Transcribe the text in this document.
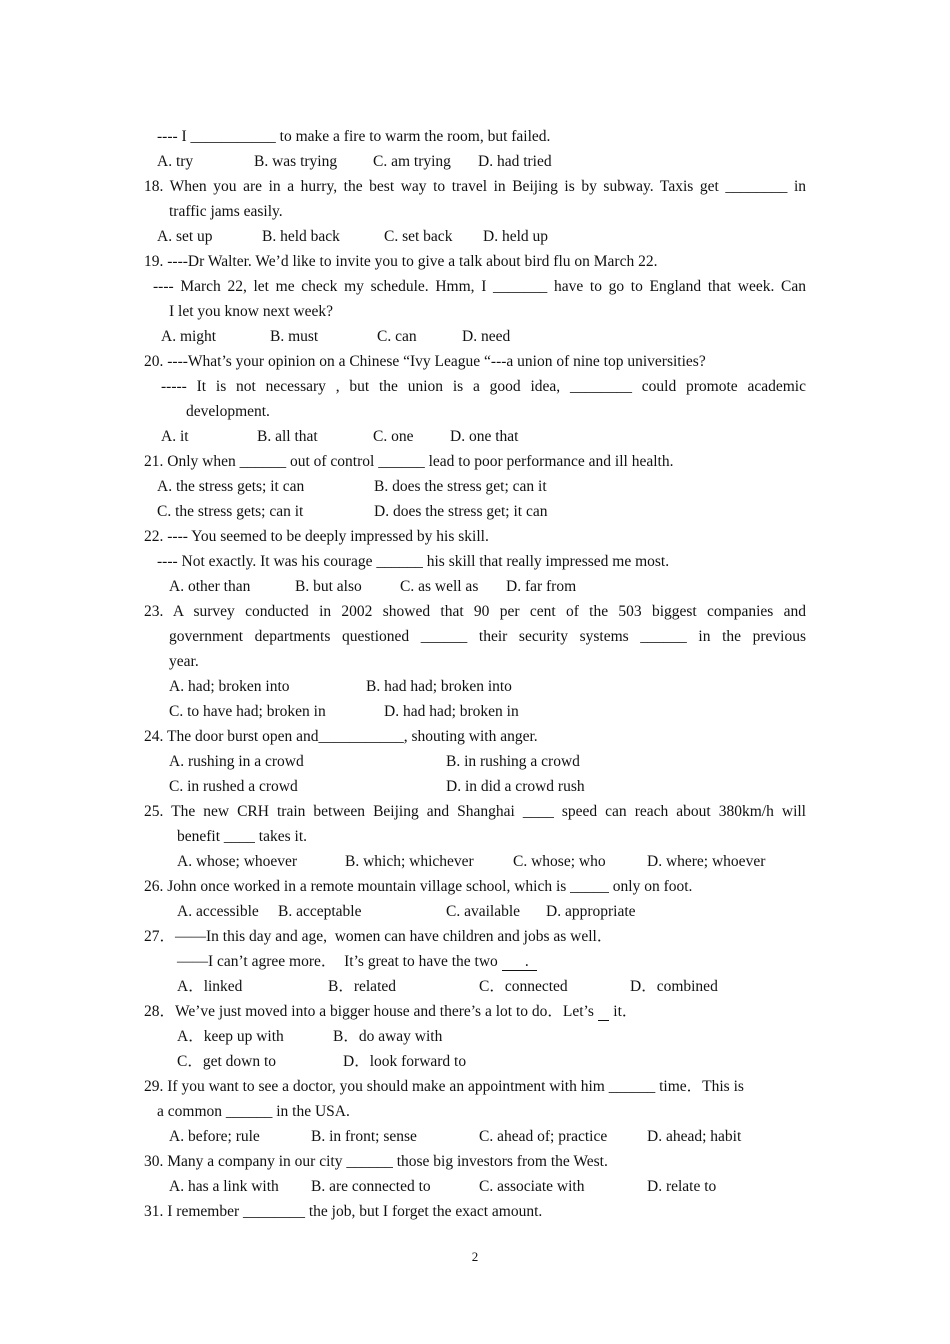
---- I ___________ to make a fire to warm the room, but failed.
A. try	B. was trying C. am trying D. had tried
18. When you are in a hurry, the best way to travel in Beijing is by subway. Taxis get ________ in
traffic jams easily.
A. set up	B. held back	C. set back D. held up
19. ----Dr Walter. We’d like to invite you to give a talk about bird flu on March 22.
---- March 22, let me check my schedule. Hmm, I _______ have to go to England that week. Can
I let you know next week?
A. might	B. must	C. can	D. need
20. ----What’s your opinion on a Chinese “Ivy League “---a union of nine top universities?
----- It is not necessary , but the union is a good idea, ________ could promote academic
development.
A. it	B. all that	C. one D. one that
21. Only when ______ out of control ______ lead to poor performance and ill health.
A. the stress gets; it can	B. does the stress get; can it
C. the stress gets; can it	D. does the stress get; it can
22. ---- You seemed to be deeply impressed by his skill.
---- Not exactly. It was his courage ______ his skill that really impressed me most.
A. other than	B. but also C. as well as D. far from
23. A survey conducted in 2002 showed that 90 per cent of the 503 biggest companies and
government departments questioned ______ their security systems ______ in the previous
year.
A. had; broken into	B. had had; broken into
C. to have had; broken in	D. had had; broken in
24. The door burst open and___________, shouting with anger.
A. rushing in a crowd	B. in rushing a crowd
C. in rushed a crowd	D. in did a crowd rush
25. The new CRH train between Beijing and Shanghai ____ speed can reach about 380km/h will
benefit ____ takes it.
A. whose; whoever	B. which; whichever	C. whose; who	D. where; whoever
26. John once worked in a remote mountain village school, which is _____ only on foot.
A. accessible B. acceptable	C. available D. appropriate
27．——In this day and age,  women can have children and jobs as well．
——I can’t agree more．  It’s great to have the two       .
A．linked	B．related	C．connected	D．combined
28．We’ve just moved into a bigger house and there’s a lot to do．Let’s     it．
A．keep up with	B．do away with
C．get down to	D．look forward to
29. If you want to see a doctor, you should make an appointment with him ______ time．This is
a common ______ in the USA.
A. before; rule	B. in front; sense	C. ahead of; practice	D. ahead; habit
30. Many a company in our city ______ those big investors from the West.
A. has a link with B. are connected to	C. associate with	D. relate to
31. I remember ________ the job, but I forget the exact amount.
2
